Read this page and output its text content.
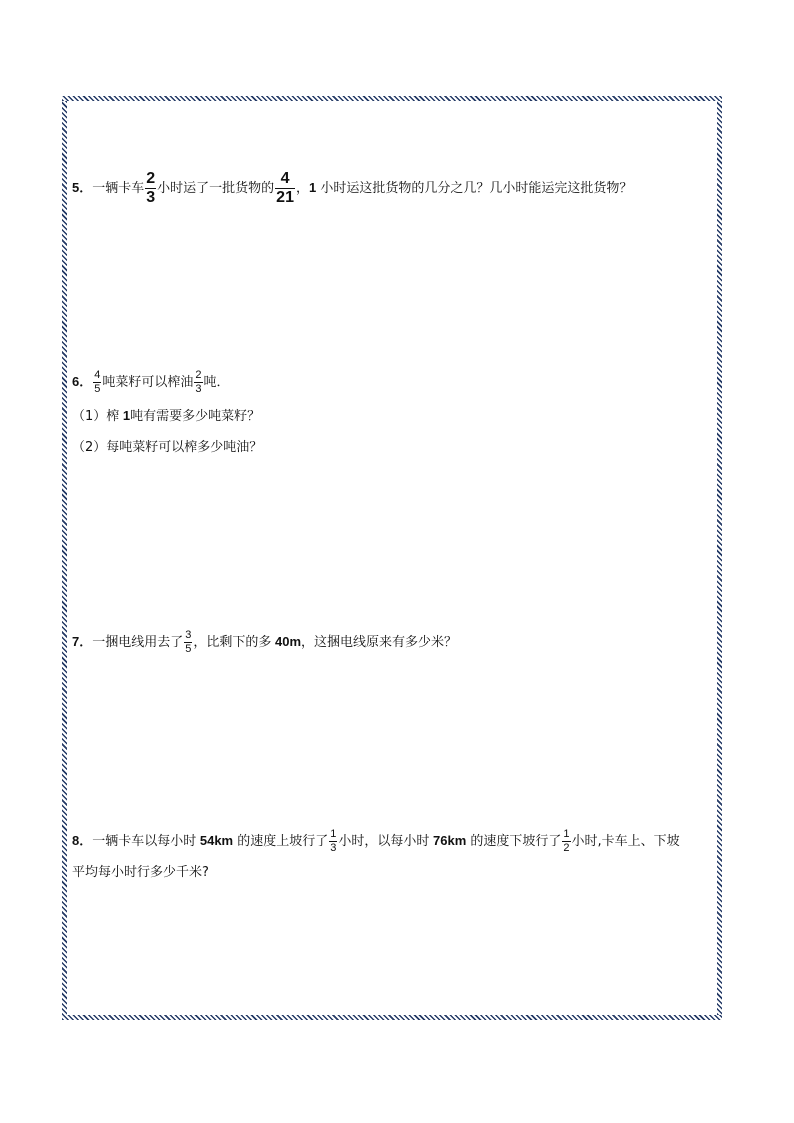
5．一辆卡车 $\frac{2}{3}$ 小时运了一批货物的 $\frac{4}{21}$ ，1 小时运这批货物的几分之几？几小时能运完这批货物？
6． $\frac{4}{5}$ 吨菜籽可以榨油 $\frac{2}{3}$ 吨．
（1）榨 1吨有需要多少吨菜籽？
（2）每吨菜籽可以榨多少吨油？
7．一捆电线用去了 $\frac{3}{5}$ ，比剩下的多 40m，这捆电线原来有多少米？
8．一辆卡车以每小时 54km 的速度上坡行了 $\frac{1}{3}$ 小时，以每小时 76km 的速度下坡行了 $\frac{1}{2}$ 小时,卡车上、下坡
平均每小时行多少千米?
